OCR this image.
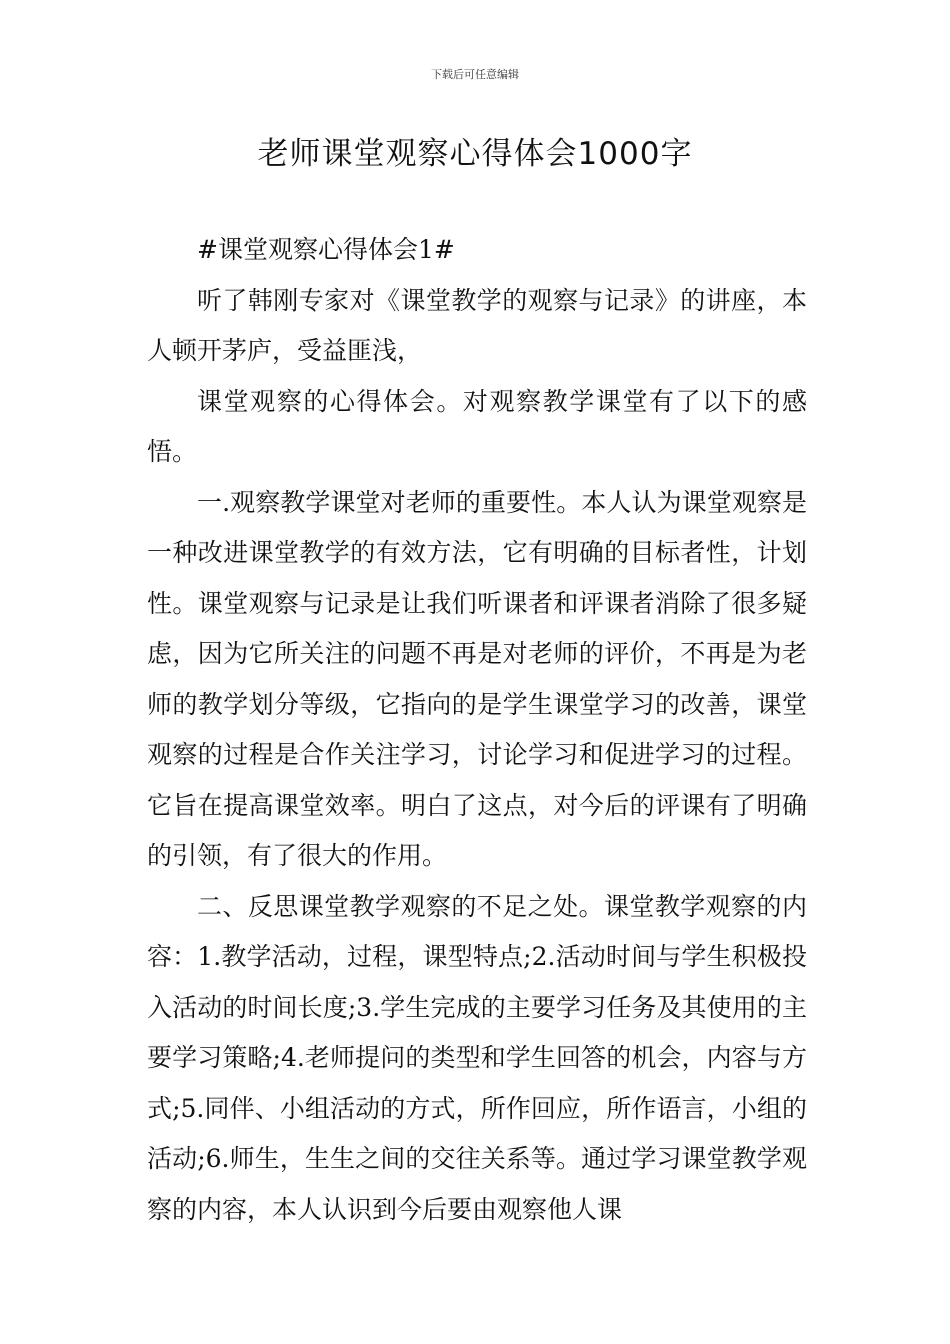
下载后可任意编辑
老师课堂观察心得体会1000字

#课堂观察心得体会1#

听了韩刚专家对《课堂教学的观察与记录》的讲座，本人顿开茅庐，受益匪浅，

课堂观察的心得体会。对观察教学课堂有了以下的感悟。

一.观察教学课堂对老师的重要性。本人认为课堂观察是一种改进课堂教学的有效方法，它有明确的目标者性，计划性。课堂观察与记录是让我们听课者和评课者消除了很多疑虑，因为它所关注的问题不再是对老师的评价，不再是为老师的教学划分等级，它指向的是学生课堂学习的改善，课堂观察的过程是合作关注学习，讨论学习和促进学习的过程。它旨在提高课堂效率。明白了这点，对今后的评课有了明确的引领，有了很大的作用。

二、反思课堂教学观察的不足之处。课堂教学观察的内容：1.教学活动，过程，课型特点;2.活动时间与学生积极投入活动的时间长度;3.学生完成的主要学习任务及其使用的主要学习策略;4.老师提问的类型和学生回答的机会，内容与方式;5.同伴、小组活动的方式，所作回应，所作语言，小组的活动;6.师生，生生之间的交往关系等。通过学习课堂教学观察的内容，本人认识到今后要由观察他人课
